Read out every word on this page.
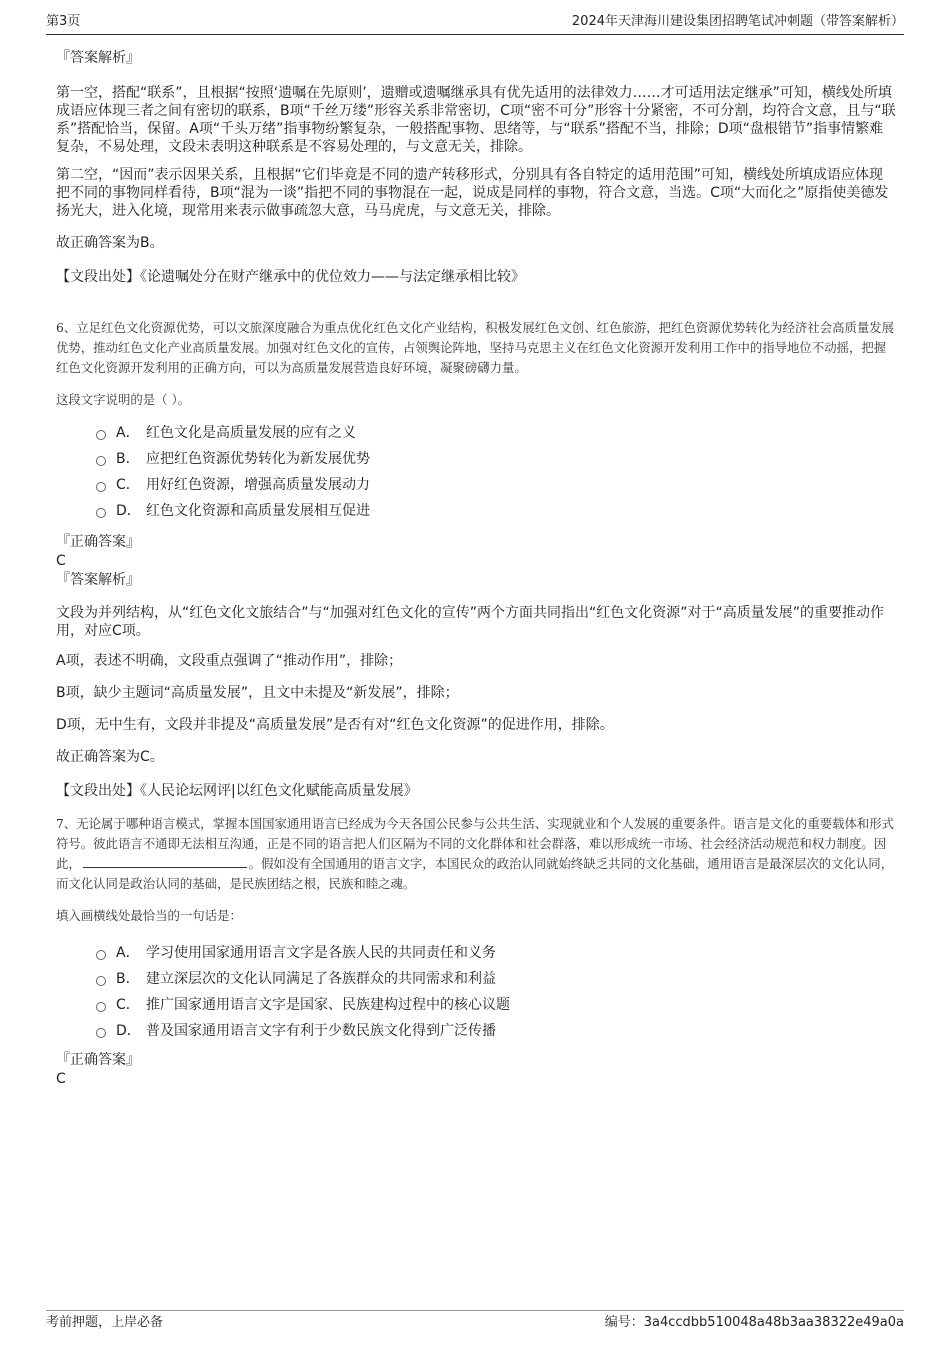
第3页	2024年天津海川建设集团招聘笔试冲刺题（带答案解析）

『答案解析』

第一空，搭配“联系”，且根据“按照‘遗嘱在先原则’，遗赠或遗嘱继承具有优先适用的法律效力……才可适用法定继承”可知，横线处所填成语应体现三者之间有密切的联系，B项“千丝万缕”形容关系非常密切，C项“密不可分”形容十分紧密，不可分割，均符合文意，且与“联系”搭配恰当，保留。A项“千头万绪”指事物纷繁复杂，一般搭配事物、思绪等，与“联系”搭配不当，排除；D项“盘根错节”指事情繁难复杂，不易处理，文段未表明这种联系是不容易处理的，与文意无关，排除。

第二空，“因而”表示因果关系，且根据“它们毕竟是不同的遗产转移形式，分别具有各自特定的适用范围”可知，横线处所填成语应体现把不同的事物同样看待，B项“混为一谈”指把不同的事物混在一起，说成是同样的事物，符合文意，当选。C项“大而化之”原指使美德发扬光大，进入化境，现常用来表示做事疏忽大意，马马虎虎，与文意无关，排除。

故正确答案为B。

【文段出处】《论遗嘱处分在财产继承中的优位效力——与法定继承相比较》

6、立足红色文化资源优势，可以文旅深度融合为重点优化红色文化产业结构，积极发展红色文创、红色旅游，把红色资源优势转化为经济社会高质量发展优势，推动红色文化产业高质量发展。加强对红色文化的宣传，占领舆论阵地，坚持马克思主义在红色文化资源开发利用工作中的指导地位不动摇，把握红色文化资源开发利用的正确方向，可以为高质量发展营造良好环境，凝聚磅礴力量。

这段文字说明的是（ ）。

A． 红色文化是高质量发展的应有之义
B． 应把红色资源优势转化为新发展优势
C． 用好红色资源，增强高质量发展动力
D． 红色文化资源和高质量发展相互促进

『正确答案』

C

『答案解析』

文段为并列结构，从“红色文化文旅结合”与“加强对红色文化的宣传”两个方面共同指出“红色文化资源”对于“高质量发展”的重要推动作用，对应C项。

A项，表述不明确，文段重点强调了“推动作用”，排除；

B项，缺少主题词“高质量发展”，且文中未提及“新发展”，排除；

D项，无中生有，文段并非提及“高质量发展”是否有对“红色文化资源”的促进作用，排除。

故正确答案为C。

【文段出处】《人民论坛网评|以红色文化赋能高质量发展》

7、无论属于哪种语言模式，掌握本国国家通用语言已经成为今天各国公民参与公共生活、实现就业和个人发展的重要条件。语言是文化的重要载体和形式符号。彼此语言不通即无法相互沟通，正是不同的语言把人们区隔为不同的文化群体和社会群落，难以形成统一市场、社会经济活动规范和权力制度。因此，	。假如没有全国通用的语言文字，本国民众的政治认同就始终缺乏共同的文化基础，通用语言是最深层次的文化认同，而文化认同是政治认同的基础，是民族团结之根，民族和睦之魂。

填入画横线处最恰当的一句话是：

A． 学习使用国家通用语言文字是各族人民的共同责任和义务
B． 建立深层次的文化认同满足了各族群众的共同需求和利益
C． 推广国家通用语言文字是国家、民族建构过程中的核心议题
D． 普及国家通用语言文字有利于少数民族文化得到广泛传播

『正确答案』

C

考前押题，上岸必备	编号：3a4ccdbb510048a48b3aa38322e49a0a
